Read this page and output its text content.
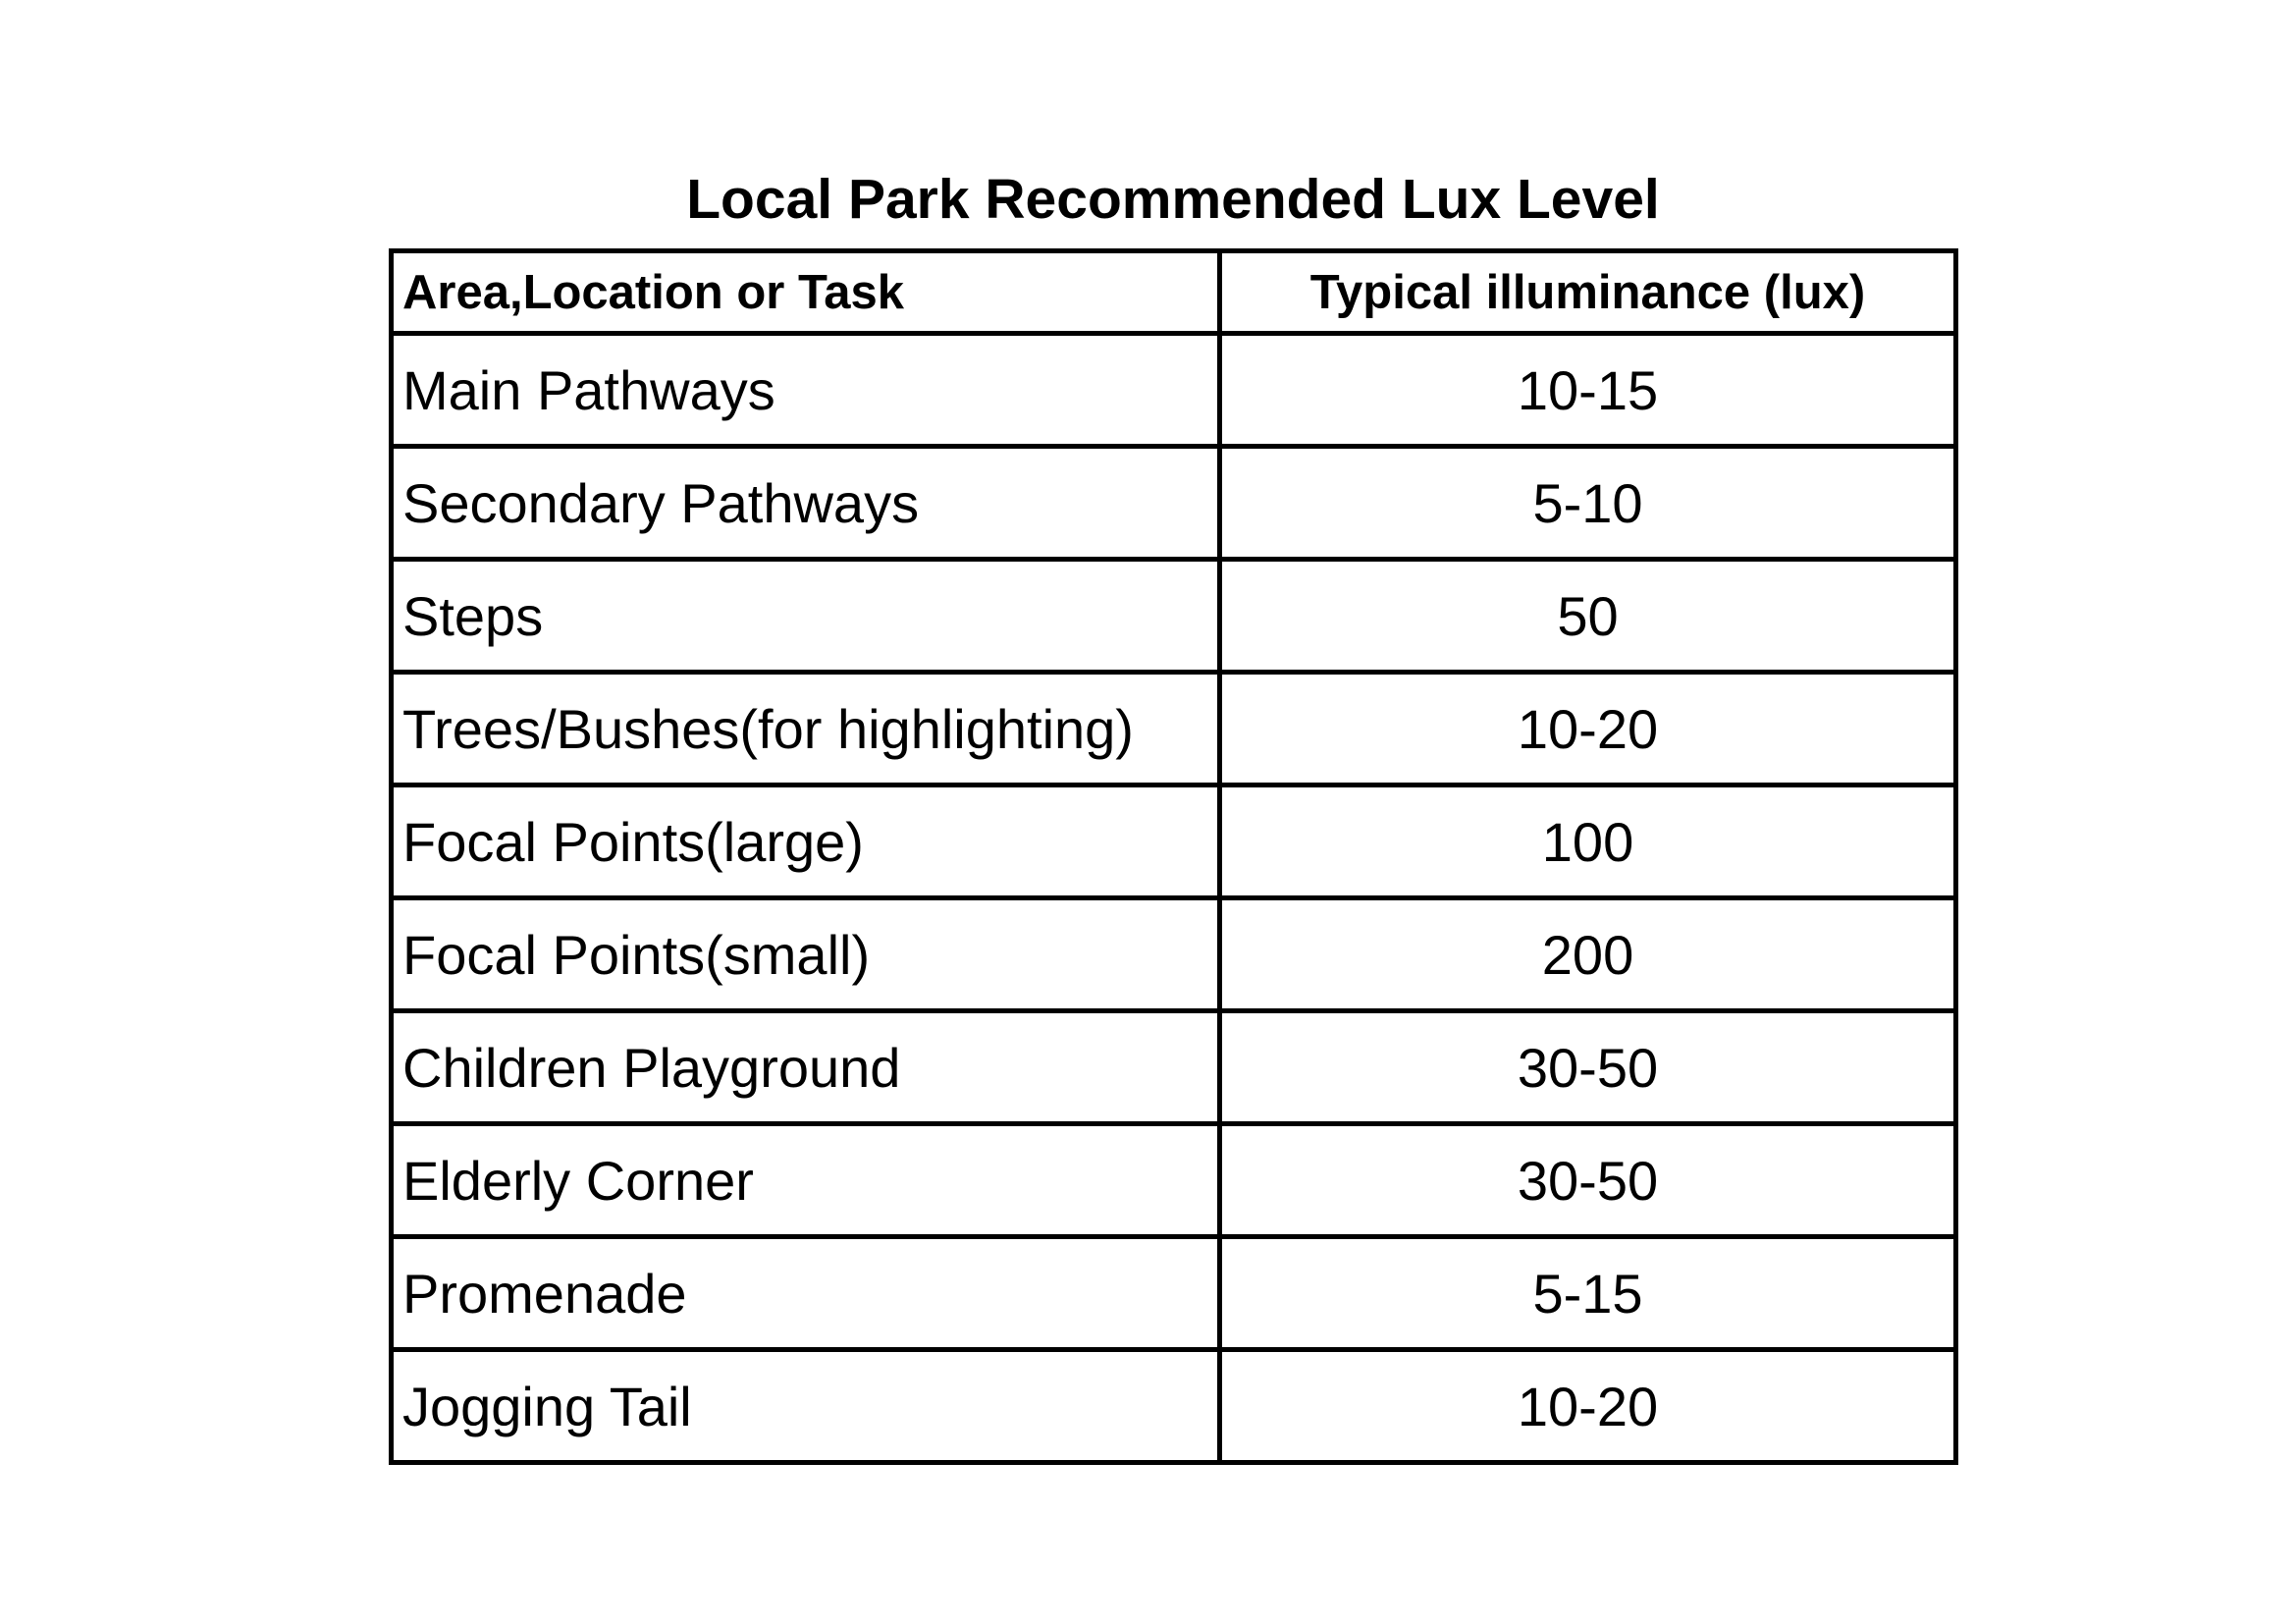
Local Park Recommended Lux Level
Area,Location or Task	Typical illuminance (lux)
Main Pathways	10-15
Secondary Pathways	5-10
Steps	50
Trees/Bushes(for highlighting)	10-20
Focal Points(large)	100
Focal Points(small)	200
Children Playground	30-50
Elderly Corner	30-50
Promenade	5-15
Jogging Tail	10-20
